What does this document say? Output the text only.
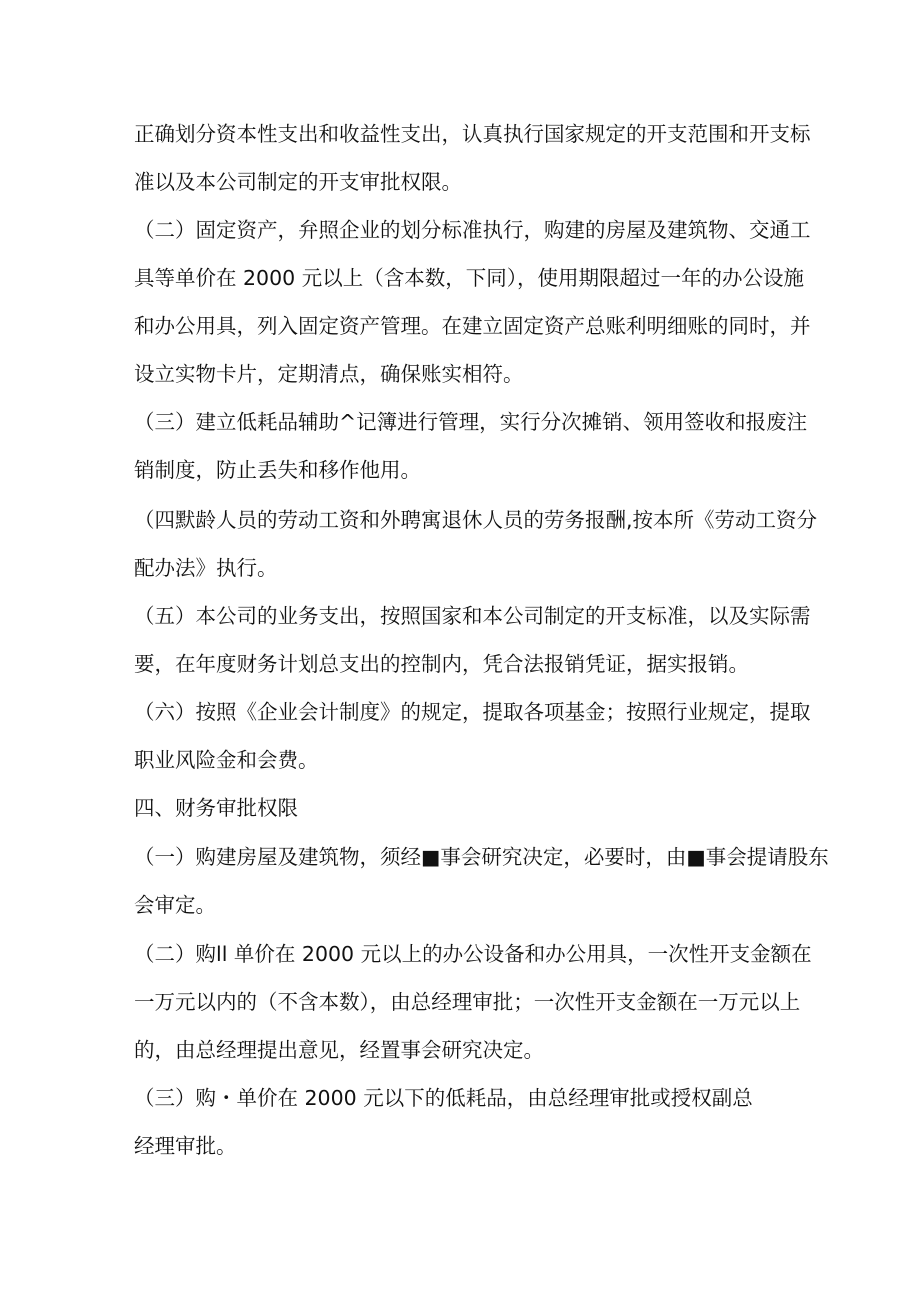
正确划分资本性支出和收益性支出，认真执行国家规定的开支范围和开支标
准以及本公司制定的开支审批权限。
（二）固定资产，弁照企业的划分标准执行，购建的房屋及建筑物、交通工
具等单价在 2000 元以上（含本数，下同），使用期限超过一年的办公设施
和办公用具，列入固定资产管理。在建立固定资产总账利明细账的同时，并
设立实物卡片，定期清点，确保账实相符。
（三）建立低耗品辅助^记簿进行管理，实行分次摊销、领用签收和报废注
销制度，防止丢失和移作他用。
（四默龄人员的劳动工资和外聘寓退休人员的劳务报酬,按本所《劳动工资分
配办法》执行。
（五）本公司的业务支出，按照国家和本公司制定的开支标准，以及实际需
要，在年度财务计划总支出的控制内，凭合法报销凭证，据实报销。
（六）按照《企业会计制度》的规定，提取各项基金；按照行业规定，提取
职业风险金和会费。
四、财务审批权限
（一）购建房屋及建筑物，须经■事会研究决定，必要时，由■事会提请股东
会审定。
（二）购ll 单价在 2000 元以上的办公设备和办公用具，一次性开支金额在
一万元以内的（不含本数），由总经理审批；一次性开支金额在一万元以上
的，由总经理提出意见，经置事会研究决定。
（三）购・单价在 2000 元以下的低耗品，由总经理审批或授权副总
经理审批。
